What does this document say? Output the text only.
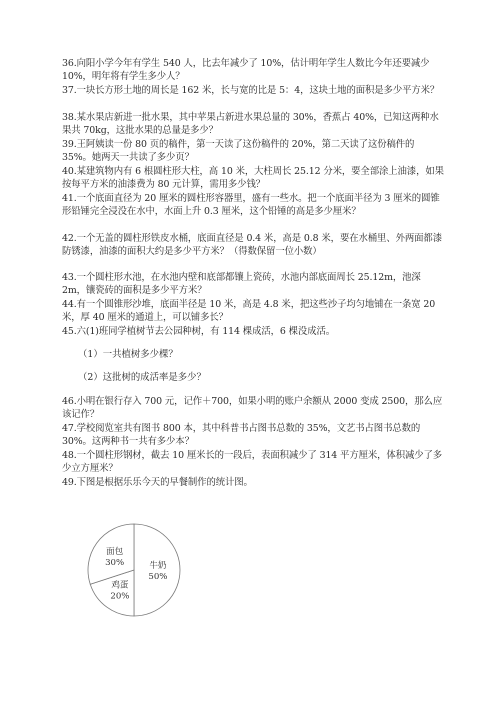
36.向阳小学今年有学生 540 人，比去年减少了 10%，估计明年学生人数比今年还要减少 10%，明年将有学生多少人？

37.一块长方形土地的周长是 162 米，长与宽的比是 5：4，这块土地的面积是多少平方米？

38.某水果店新进一批水果，其中苹果占新进水果总量的 30%，香蕉占 40%，已知这两种水果共 70kg，这批水果的总量是多少？

39.王阿姨读一份 80 页的稿件，第一天读了这份稿件的 20%，第二天读了这份稿件的 35%。她两天一共读了多少页？

40.某建筑物内有 6 根圆柱形大柱，高 10 米，大柱周长 25.12 分米，要全部涂上油漆，如果按每平方米的油漆费为 80 元计算，需用多少钱？

41.一个底面直径为 20 厘米的圆柱形容器里，盛有一些水。把一个底面半径为 3 厘米的圆锥形铅锤完全浸没在水中，水面上升 0.3 厘米，这个铅锤的高是多少厘米？

42.一个无盖的圆柱形铁皮水桶，底面直径是 0.4 米，高是 0.8 米，要在水桶里、外两面都漆防锈漆，油漆的面积大约是多少平方米？（得数保留一位小数）

43.一个圆柱形水池，在水池内壁和底部都镶上瓷砖，水池内部底面周长 25.12m，池深 2m，镶瓷砖的面积是多少平方米？

44.有一个圆锥形沙堆，底面半径是 10 米，高是 4.8 米，把这些沙子均匀地铺在一条宽 20 米，厚 40 厘米的通道上，可以铺多长？

45.六(1)班同学植树节去公园种树，有 114 棵成活，6 棵没成活。

（1）一共植树多少棵？

（2）这批树的成活率是多少？

46.小明在银行存入 700 元，记作＋700，如果小明的账户余额从 2000 变成 2500，那么应该记作？

47.学校阅览室共有图书 800 本，其中科普书占图书总数的 35%，文艺书占图书总数的 30%。这两种书一共有多少本？

48.一个圆柱形钢材，截去 10 厘米长的一段后，表面积减少了 314 平方厘米，体积减少了多少立方厘米？

49.下图是根据乐乐今天的早餐制作的统计图。

牛奶
50%
鸡蛋
20%
面包
30%
